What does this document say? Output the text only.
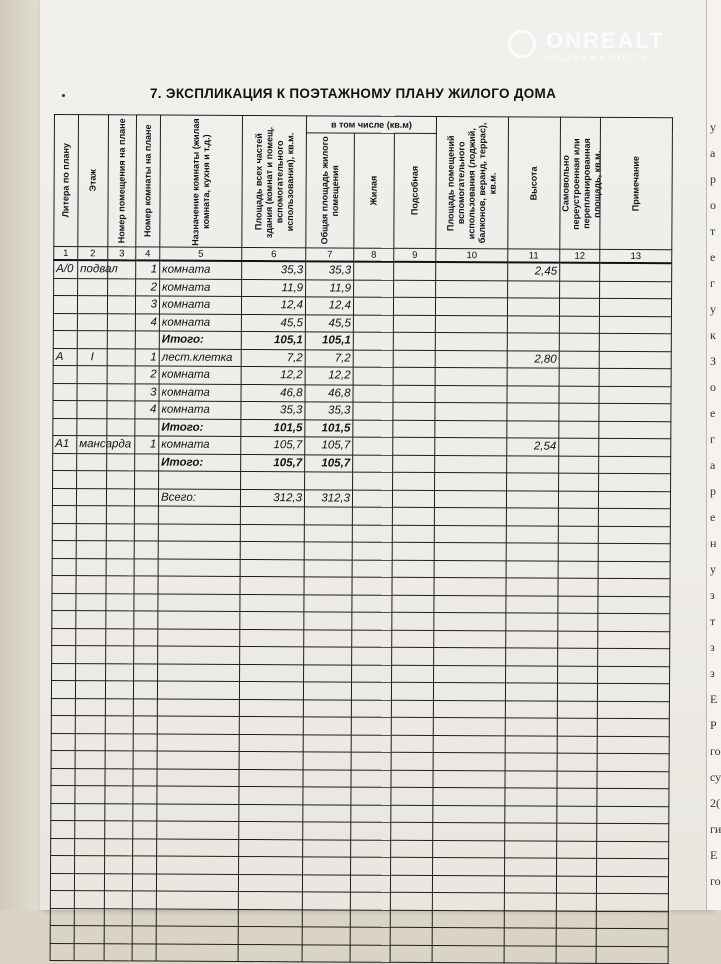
у
а
р
о
т
е
г
у
к
З
о
е
г
а
р
е
н
у
з
т
з
з
Е
Р
го
су
2(
ги
Е
го
ONREALT
НЕДВИЖИМОСТЬ
7. ЭКСПЛИКАЦИЯ К ПОЭТАЖНОМУ ПЛАНУ ЖИЛОГО ДОМА
Литера по плану	Этаж	Номер помещения на плане	Номер комнаты на плане	Назначение комнаты (жилая комната, кухня и т.д.)	Площадь всех частей здания (комнат и помещ. вспомогательного использования), кв.м.	в том числе (кв.м)			Площадь помещений вспомогательного использования (лоджий, балконов, веранд, террас), кв.м.	Высота	Самовольно переустроенная или перепланированная площадь, кв.м.	Примечание

						Общая площадь жилого помещения	Жилая	Подсобная				

1	2	3	4	5	6	7	8	9	10	11	12	13
А/0	подвал		1	комната	35,3	35,3				2,45		
			2	комната	11,9	11,9						
			3	комната	12,4	12,4						
			4	комната	45,5	45,5						
				Итого:	105,1	105,1						
А	I		1	лест.клетка	7,2	7,2				2,80		
			2	комната	12,2	12,2						
			3	комната	46,8	46,8						
			4	комната	35,3	35,3						
				Итого:	101,5	101,5						
А1	мансарда		1	комната	105,7	105,7				2,54		
				Итого:	105,7	105,7						

				Всего:	312,3	312,3						
